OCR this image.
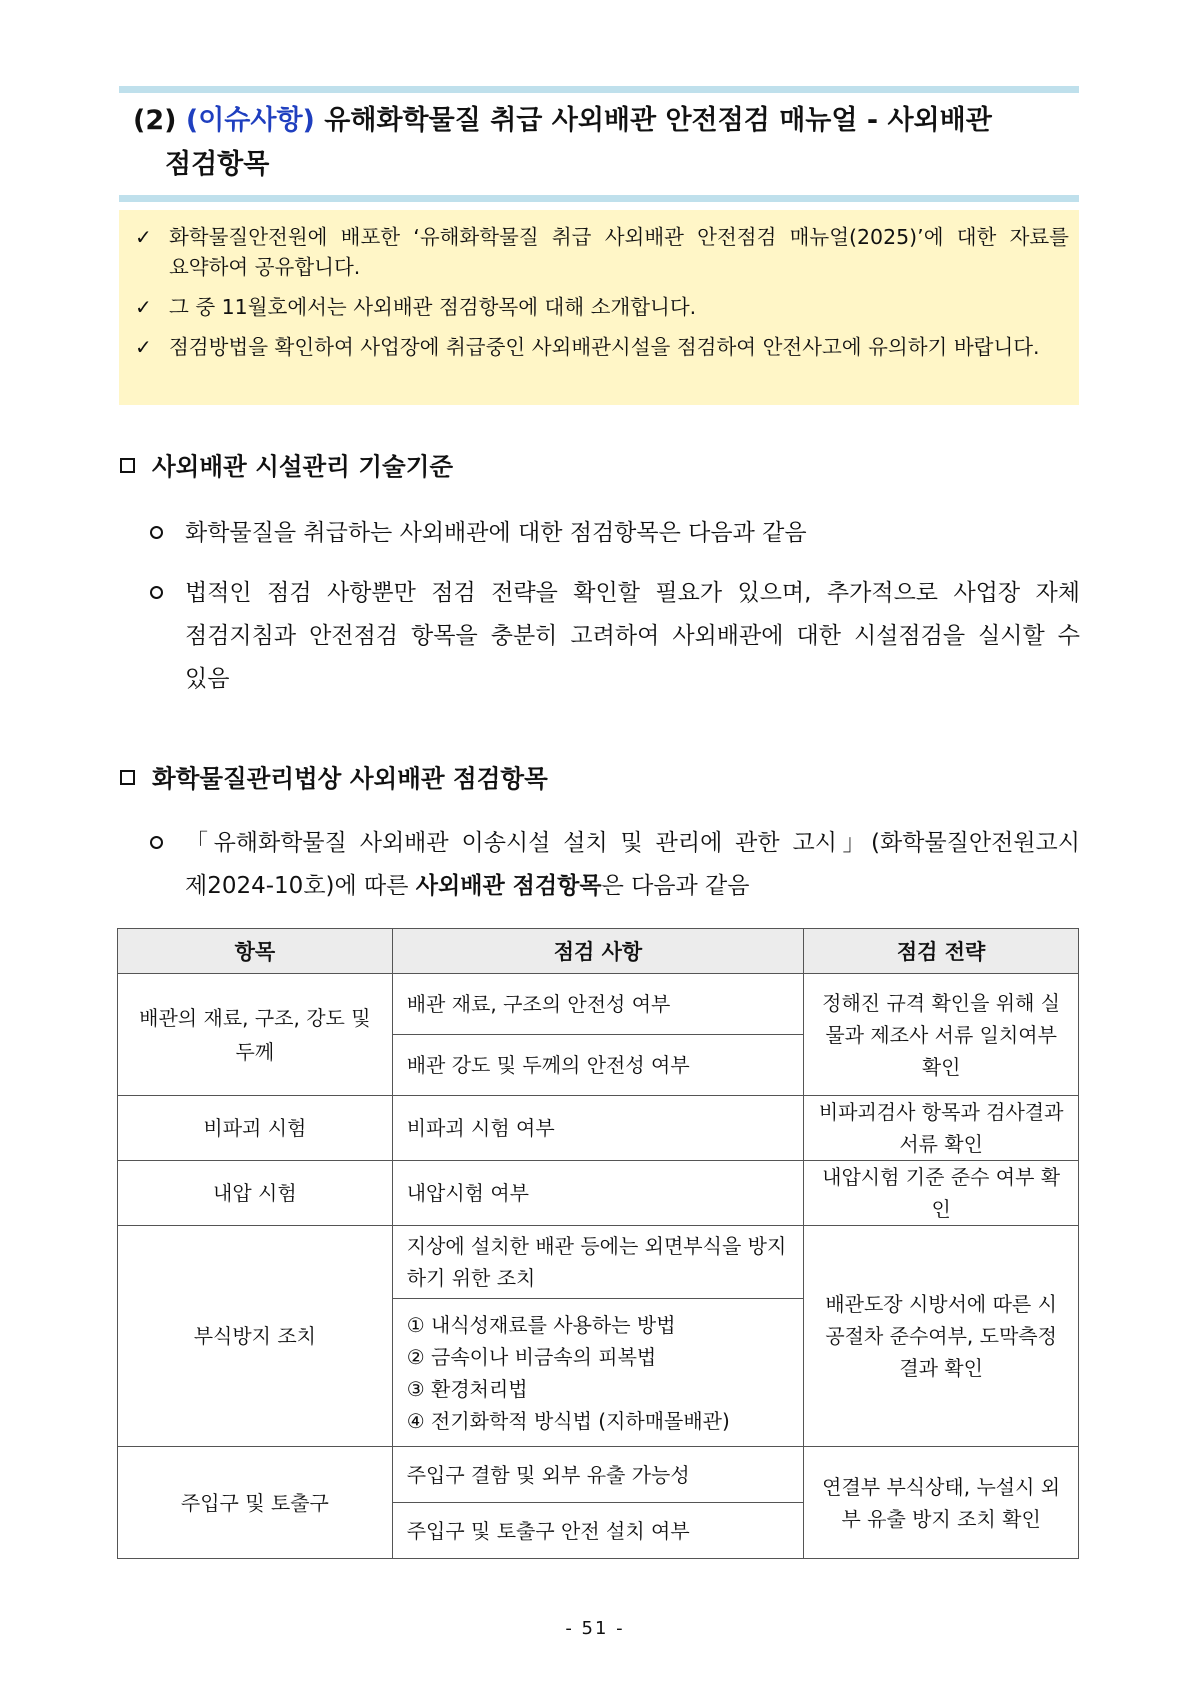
(2) (이슈사항) 유해화학물질 취급 사외배관 안전점검 매뉴얼 - 사외배관
점검항목
✓ 화학물질안전원에 배포한 ‘유해화학물질 취급 사외배관 안전점검 매뉴얼(2025)’에 대한 자료를 요약하여 공유합니다.
✓ 그 중 11월호에서는 사외배관 점검항목에 대해 소개합니다.
✓ 점검방법을 확인하여 사업장에 취급중인 사외배관시설을 점검하여 안전사고에 유의하기 바랍니다.
사외배관 시설관리 기술기준
화학물질을 취급하는 사외배관에 대한 점검항목은 다음과 같음
법적인 점검 사항뿐만 점검 전략을 확인할 필요가 있으며, 추가적으로 사업장 자체 점검지침과 안전점검 항목을 충분히 고려하여 사외배관에 대한 시설점검을 실시할 수 있음
화학물질관리법상 사외배관 점검항목
「유해화학물질 사외배관 이송시설 설치 및 관리에 관한 고시」(화학물질안전원고시 제2024-10호)에 따른 사외배관 점검항목은 다음과 같음
항목	점검 사항	점검 전략
배관의 재료, 구조, 강도 및 두께	배관 재료, 구조의 안전성 여부	정해진 규격 확인을 위해 실물과 제조사 서류 일치여부 확인
	배관 강도 및 두께의 안전성 여부	
비파괴 시험	비파괴 시험 여부	비파괴검사 항목과 검사결과 서류 확인
내압 시험	내압시험 여부	내압시험 기준 준수 여부 확인
부식방지 조치	지상에 설치한 배관 등에는 외면부식을 방지하기 위한 조치	배관도장 시방서에 따른 시공절차 준수여부, 도막측정 결과 확인

	① 내식성재료를 사용하는 방법
② 금속이나 비금속의 피복법
③ 환경처리법
④ 전기화학적 방식법 (지하매몰배관)	

주입구 및 토출구	주입구 결함 및 외부 유출 가능성	연결부 부식상태, 누설시 외부 유출 방지 조치 확인
	주입구 및 토출구 안전 설치 여부	
- 51 -
